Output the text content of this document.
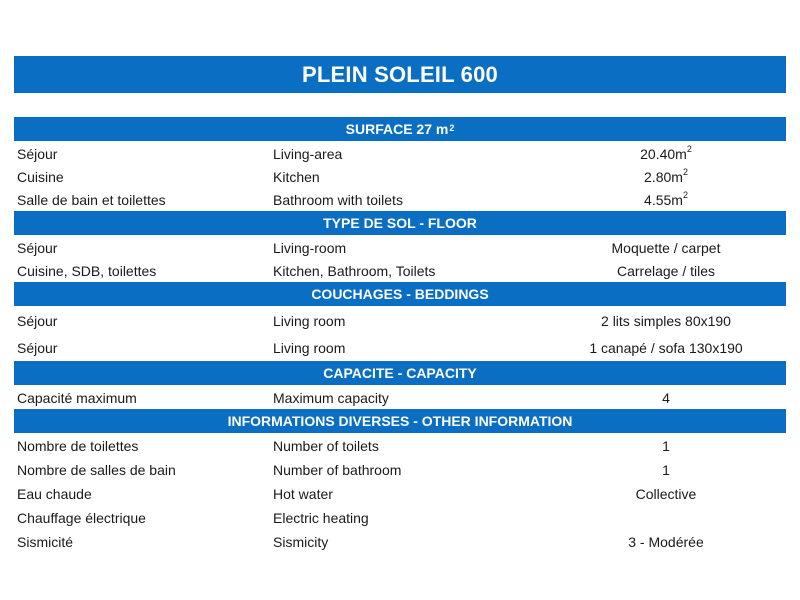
PLEIN SOLEIL 600
SURFACE 27 $m^2$
Séjour	Living-area	$20.40m^2$
Cuisine	Kitchen	$2.80m^2$
Salle de bain et toilettes	Bathroom with toilets	$4.55m^2$
TYPE DE SOL - FLOOR
Séjour	Living-room	Moquette / carpet
Cuisine, SDB, toilettes	Kitchen, Bathroom, Toilets	Carrelage / tiles
COUCHAGES - BEDDINGS
Séjour	Living room	2 lits simples 80x190
Séjour	Living room	1 canapé / sofa 130x190
CAPACITE - CAPACITY
Capacité maximum	Maximum capacity	4
INFORMATIONS DIVERSES - OTHER INFORMATION
Nombre de toilettes	Number of toilets	1
Nombre de salles de bain	Number of bathroom	1
Eau chaude	Hot water	Collective
Chauffage électrique	Electric heating
Sismicité	Sismicity	3 - Modérée
